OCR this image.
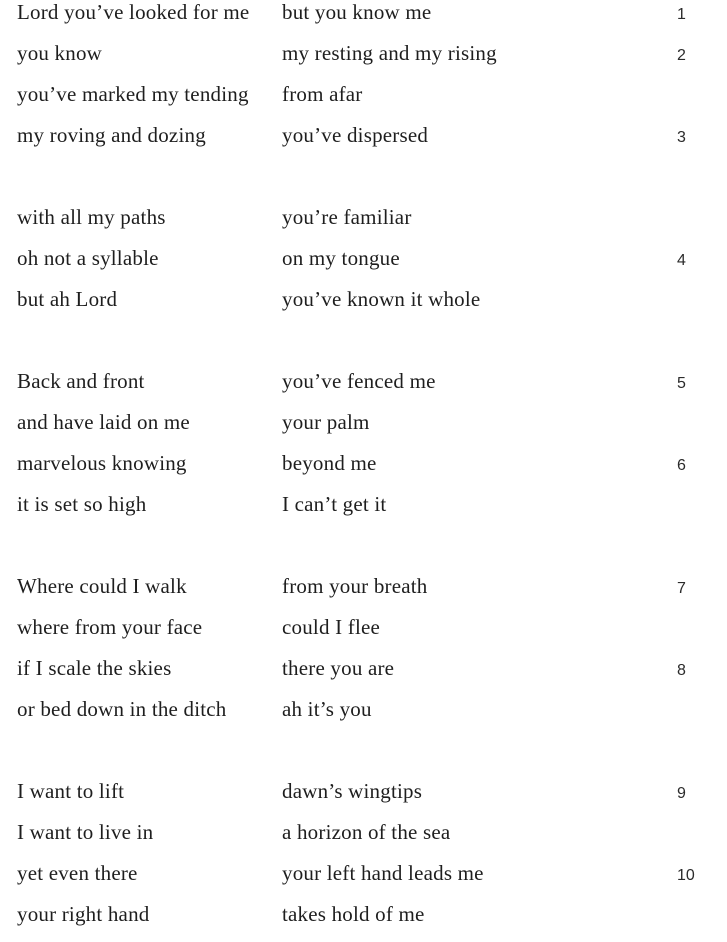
Lord you’ve looked for me	but you know me	1
you know	my resting and my rising	2
you’ve marked my tending	from afar
my roving and dozing	you’ve dispersed	3
with all my paths	you’re familiar
oh not a syllable	on my tongue	4
but ah Lord	you’ve known it whole
Back and front	you’ve fenced me	5
and have laid on me	your palm
marvelous knowing	beyond me	6
it is set so high	I can’t get it
Where could I walk	from your breath	7
where from your face	could I flee
if I scale the skies	there you are	8
or bed down in the ditch	ah it’s you
I want to lift	dawn’s wingtips	9
I want to live in	a horizon of the sea
yet even there	your left hand leads me	10
your right hand	takes hold of me
